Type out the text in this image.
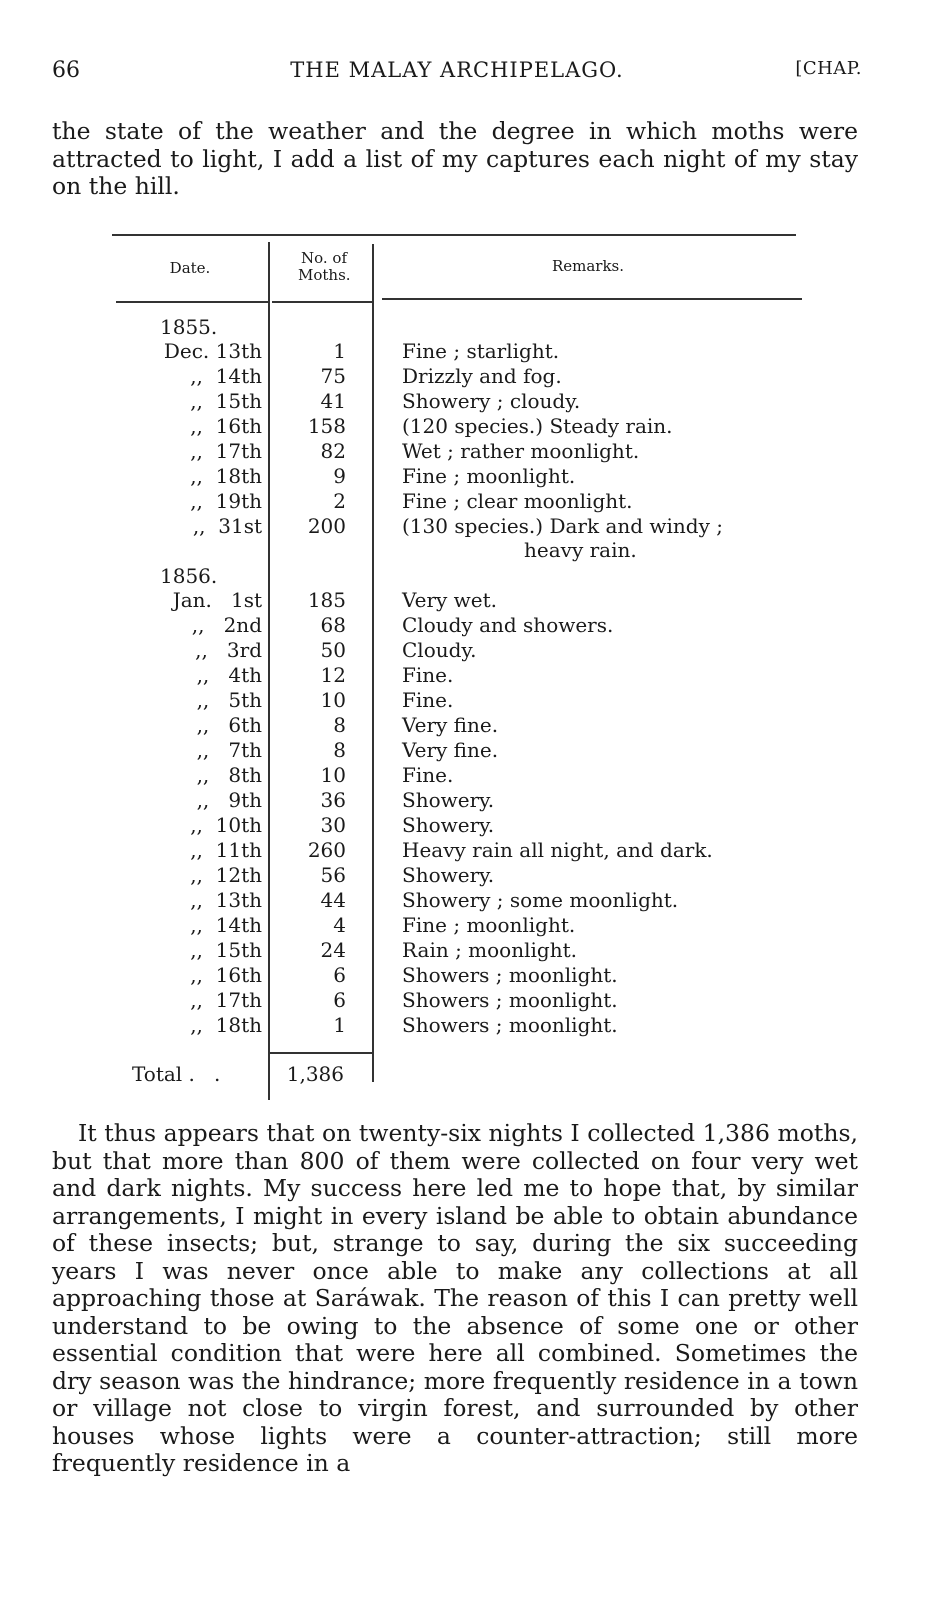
66	THE MALAY ARCHIPELAGO.	[CHAP.

the state of the weather and the degree in which moths were attracted to light, I add a list of my captures each night of my stay on the hill.

Date.
No. of Moths.	Remarks.
1855.
1856.
Dec. 13th	1	Fine ; starlight.
,,  14th	75	Drizzly and fog.
,,  15th	41	Showery ; cloudy.
,,  16th	158	(120 species.) Steady rain.
,,  17th	82	Wet ; rather moonlight.
,,  18th	9	Fine ; moonlight.
,,  19th	2	Fine ; clear moonlight.
,,  31st	200	(130 species.) Dark and windy ;
heavy rain.
Jan.   1st	185	Very wet.
,,   2nd	68	Cloudy and showers.
,,   3rd	50	Cloudy.
,,   4th	12	Fine.
,,   5th	10	Fine.
,,   6th	8	Very fine.
,,   7th	8	Very fine.
,,   8th	10	Fine.
,,   9th	36	Showery.
,,  10th	30	Showery.
,,  11th	260	Heavy rain all night, and dark.
,,  12th	56	Showery.
,,  13th	44	Showery ; some moonlight.
,,  14th	4	Fine ; moonlight.
,,  15th	24	Rain ; moonlight.
,,  16th	6	Showers ; moonlight.
,,  17th	6	Showers ; moonlight.
,,  18th	1	Showers ; moonlight.
Total .   .	1,386

It thus appears that on twenty-six nights I collected 1,386 moths, but that more than 800 of them were collected on four very wet and dark nights. My success here led me to hope that, by similar arrangements, I might in every island be able to obtain abundance of these insects; but, strange to say, during the six succeeding years I was never once able to make any collections at all approaching those at Saráwak. The reason of this I can pretty well understand to be owing to the absence of some one or other essential condition that were here all combined. Sometimes the dry season was the hindrance; more frequently residence in a town or village not close to virgin forest, and surrounded by other houses whose lights were a counter-attraction; still more frequently residence in a
